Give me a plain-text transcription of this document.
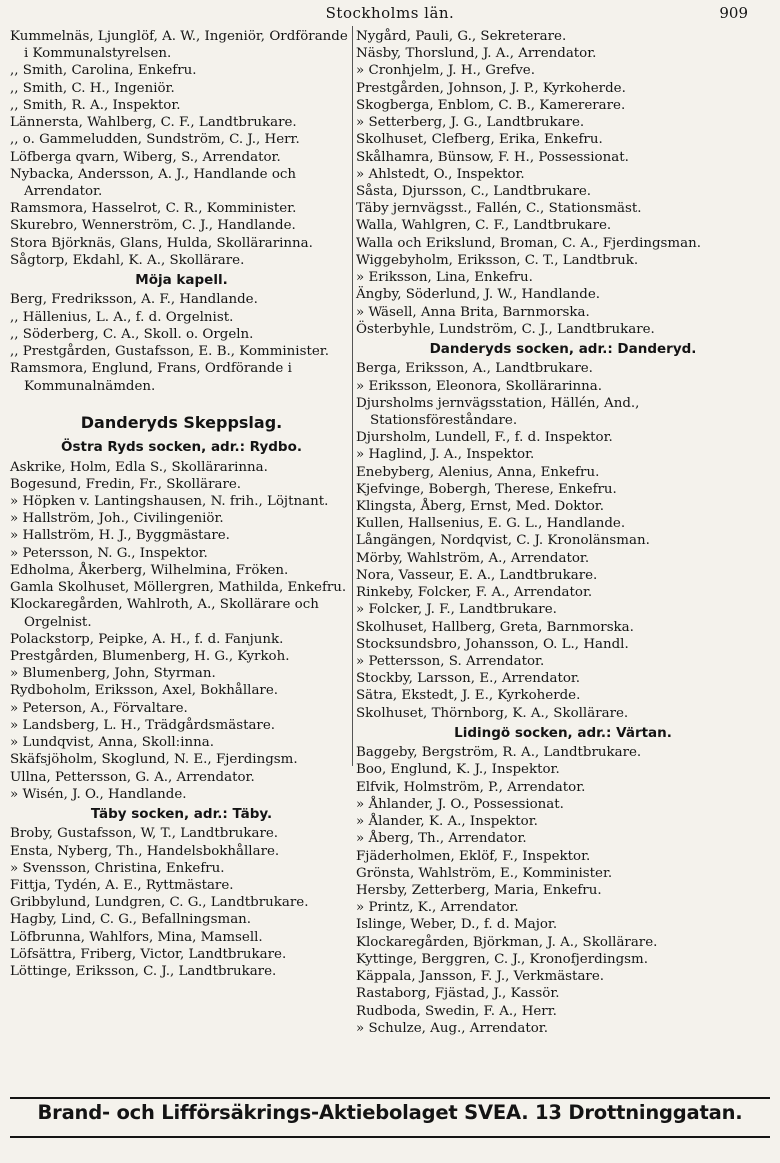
Stockholms län.	909
Kummelnäs, Ljunglöf, A. W., Ingeniör, Ordförande i Kommunalstyrelsen.
,, Smith, Carolina, Enkefru.
,, Smith, C. H., Ingeniör.
,, Smith, R. A., Inspektor.
Lännersta, Wahlberg, C. F., Landtbrukare.
,, o. Gammeludden, Sundström, C. J., Herr.
Löfberga qvarn, Wiberg, S., Arrendator.
Nybacka, Andersson, A. J., Handlande och Arrendator.
Ramsmora, Hasselrot, C. R., Komminister.
Skurebro, Wennerström, C. J., Handlande.
Stora Björknäs, Glans, Hulda, Skollärarinna.
Sågtorp, Ekdahl, K. A., Skollärare.
Möja kapell.
Berg, Fredriksson, A. F., Handlande.
,, Hällenius, L. A., f. d. Orgelnist.
,, Söderberg, C. A., Skoll. o. Orgeln.
,, Prestgården, Gustafsson, E. B., Komminister.
Ramsmora, Englund, Frans, Ordförande i Kommunalnämden.
Danderyds Skeppslag.
Östra Ryds socken, adr.: Rydbo.
Askrike, Holm, Edla S., Skollärarinna.
Bogesund, Fredin, Fr., Skollärare.
» Höpken v. Lantingshausen, N. frih., Löjtnant.
» Hallström, Joh., Civilingeniör.
» Hallström, H. J., Byggmästare.
» Petersson, N. G., Inspektor.
Edholma, Åkerberg, Wilhelmina, Fröken.
Gamla Skolhuset, Möllergren, Mathilda, Enkefru.
Klockaregården, Wahlroth, A., Skollärare och Orgelnist.
Polackstorp, Peipke, A. H., f. d. Fanjunk.
Prestgården, Blumenberg, H. G., Kyrkoh.
» Blumenberg, John, Styrman.
Rydboholm, Eriksson, Axel, Bokhållare.
» Peterson, A., Förvaltare.
» Landsberg, L. H., Trädgårdsmästare.
» Lundqvist, Anna, Skoll:inna.
Skäfsjöholm, Skoglund, N. E., Fjerdingsm.
Ullna, Pettersson, G. A., Arrendator.
» Wisén, J. O., Handlande.
Täby socken, adr.: Täby.
Broby, Gustafsson, W, T., Landtbrukare.
Ensta, Nyberg, Th., Handelsbokhållare.
» Svensson, Christina, Enkefru.
Fittja, Tydén, A. E., Ryttmästare.
Gribbylund, Lundgren, C. G., Landtbrukare.
Hagby, Lind, C. G., Befallningsman.
Löfbrunna, Wahlfors, Mina, Mamsell.
Löfsättra, Friberg, Victor, Landtbrukare.
Löttinge, Eriksson, C. J., Landtbrukare.
Nygård, Pauli, G., Sekreterare.
Näsby, Thorslund, J. A., Arrendator.
» Cronhjelm, J. H., Grefve.
Prestgården, Johnson, J. P., Kyrkoherde.
Skogberga, Enblom, C. B., Kamererare.
» Setterberg, J. G., Landtbrukare.
Skolhuset, Clefberg, Erika, Enkefru.
Skålhamra, Bünsow, F. H., Possessionat.
» Ahlstedt, O., Inspektor.
Såsta, Djursson, C., Landtbrukare.
Täby jernvägsst., Fallén, C., Stationsmäst.
Walla, Wahlgren, C. F., Landtbrukare.
Walla och Erikslund, Broman, C. A., Fjerdingsman.
Wiggebyholm, Eriksson, C. T., Landtbruk.
» Eriksson, Lina, Enkefru.
Ängby, Söderlund, J. W., Handlande.
» Wäsell, Anna Brita, Barnmorska.
Österbyhle, Lundström, C. J., Landtbrukare.
Danderyds socken, adr.: Danderyd.
Berga, Eriksson, A., Landtbrukare.
» Eriksson, Eleonora, Skollärarinna.
Djursholms jernvägsstation, Hällén, And., Stationsföreståndare.
Djursholm, Lundell, F., f. d. Inspektor.
» Haglind, J. A., Inspektor.
Enebyberg, Alenius, Anna, Enkefru.
Kjefvinge, Bobergh, Therese, Enkefru.
Klingsta, Åberg, Ernst, Med. Doktor.
Kullen, Hallsenius, E. G. L., Handlande.
Långängen, Nordqvist, C. J. Kronolänsman.
Mörby, Wahlström, A., Arrendator.
Nora, Vasseur, E. A., Landtbrukare.
Rinkeby, Folcker, F. A., Arrendator.
» Folcker, J. F., Landtbrukare.
Skolhuset, Hallberg, Greta, Barnmorska.
Stocksundsbro, Johansson, O. L., Handl.
» Pettersson, S. Arrendator.
Stockby, Larsson, E., Arrendator.
Sätra, Ekstedt, J. E., Kyrkoherde.
Skolhuset, Thörnborg, K. A., Skollärare.
Lidingö socken, adr.: Värtan.
Baggeby, Bergström, R. A., Landtbrukare.
Boo, Englund, K. J., Inspektor.
Elfvik, Holmström, P., Arrendator.
» Åhlander, J. O., Possessionat.
» Ålander, K. A., Inspektor.
» Åberg, Th., Arrendator.
Fjäderholmen, Eklöf, F., Inspektor.
Grönsta, Wahlström, E., Komminister.
Hersby, Zetterberg, Maria, Enkefru.
» Printz, K., Arrendator.
Islinge, Weber, D., f. d. Major.
Klockaregården, Björkman, J. A., Skollärare.
Kyttinge, Berggren, C. J., Kronofjerdingsm.
Käppala, Jansson, F. J., Verkmästare.
Rastaborg, Fjästad, J., Kassör.
Rudboda, Swedin, F. A., Herr.
» Schulze, Aug., Arrendator.
Brand- och Lifförsäkrings-Aktiebolaget SVEA. 13 Drottninggatan.
